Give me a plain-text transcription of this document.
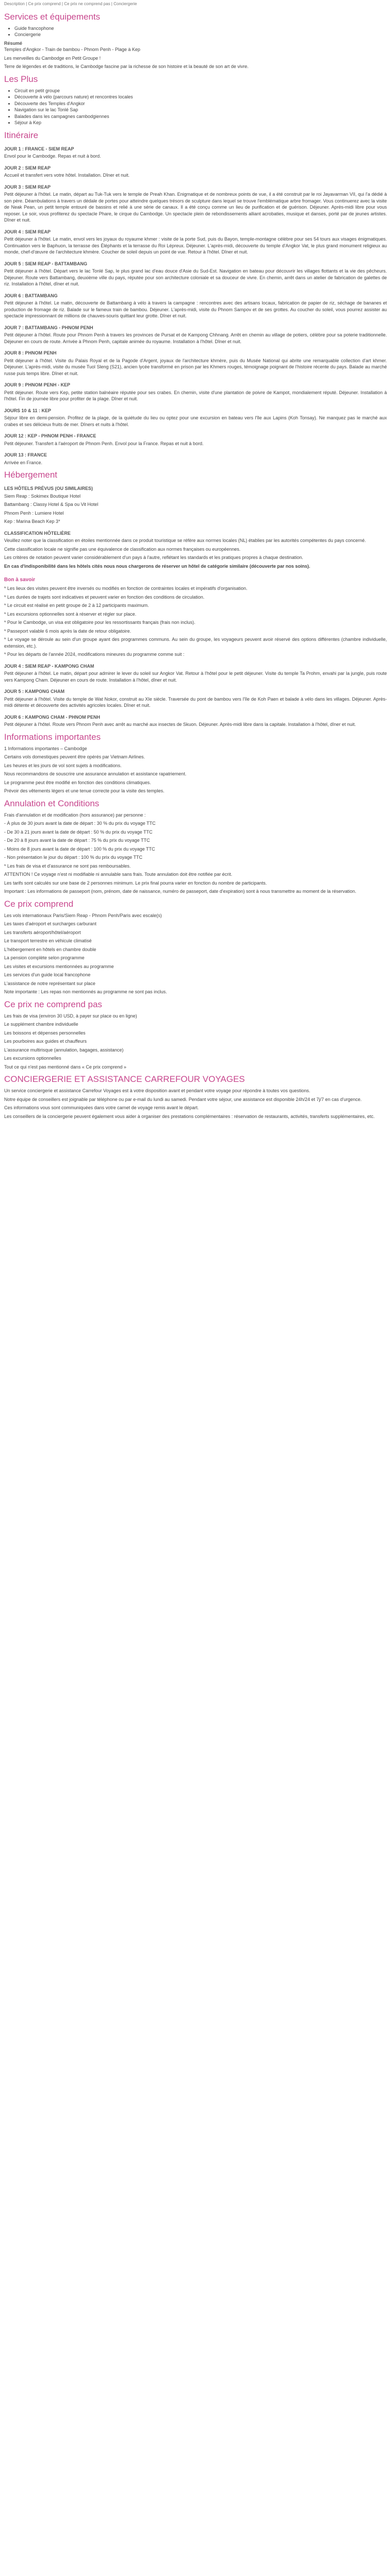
Description | Ce prix comprend | Ce prix ne comprend pas | Conciergerie
Services et équipements
• Guide francophone
• Conciergerie
Résumé

Temples d'Angkor - Train de bambou - Phnom Penh - Plage à Kep

Les merveilles du Cambodge en Petit Groupe !

Terre de légendes et de traditions, le Cambodge fascine par la richesse de son histoire et la beauté de son art de vivre.

Les Plus
• Circuit en petit groupe
• Découverte à vélo (parcours nature) et rencontres locales
• Découverte des Temples d'Angkor
• Navigation sur le lac Tonlé Sap
• Balades dans les campagnes cambodgiennes
• Séjour à Kep
Itinéraire
JOUR 1 : FRANCE - SIEM REAP

Envol pour le Cambodge. Repas et nuit à bord.

JOUR 2 : SIEM REAP

Accueil et transfert vers votre hôtel. Installation. Dîner et nuit.

JOUR 3 : SIEM REAP

Petit déjeuner à l'hôtel. Le matin, départ au Tuk-Tuk vers le temple de Preah Khan. Enigmatique et de nombreux points de vue, il a été construit par le roi Jayavarman VII, qui l'a dédié à son père. Déambulations à travers un dédale de portes pour atteindre quelques trésors de sculpture dans lequel se trouve l'emblématique arbre fromager. Vous continuerez avec la visite de Neak Pean, un petit temple entouré de bassins et relié à une série de canaux. Il a été conçu comme un lieu de purification et de guérison. Déjeuner. Après-midi libre pour vous reposer. Le soir, vous profiterez du spectacle Phare, le cirque du Cambodge. Un spectacle plein de rebondissements alliant acrobaties, musique et danses, porté par de jeunes artistes. Dîner et nuit.

JOUR 4 : SIEM REAP

Petit déjeuner à l'hôtel. Le matin, envol vers les joyaux du royaume khmer : visite de la porte Sud, puis du Bayon, temple-montagne célèbre pour ses 54 tours aux visages énigmatiques. Continuation vers le Baphuon, la terrasse des Éléphants et la terrasse du Roi Lépreux. Déjeuner. L'après-midi, découverte du temple d'Angkor Vat, le plus grand monument religieux au monde, chef-d'œuvre de l'architecture khmère. Coucher de soleil depuis un point de vue. Retour à l'hôtel. Dîner et nuit.

JOUR 5 : SIEM REAP - BATTAMBANG

Petit déjeuner à l'hôtel. Départ vers le lac Tonlé Sap, le plus grand lac d'eau douce d'Asie du Sud-Est. Navigation en bateau pour découvrir les villages flottants et la vie des pêcheurs. Déjeuner. Route vers Battambang, deuxième ville du pays, réputée pour son architecture coloniale et sa douceur de vivre. En chemin, arrêt dans un atelier de fabrication de galettes de riz. Installation à l'hôtel, dîner et nuit.

JOUR 6 : BATTAMBANG

Petit déjeuner à l'hôtel. Le matin, découverte de Battambang à vélo à travers la campagne : rencontres avec des artisans locaux, fabrication de papier de riz, séchage de bananes et production de fromage de riz. Balade sur le fameux train de bambou. Déjeuner. L'après-midi, visite du Phnom Sampov et de ses grottes. Au coucher du soleil, vous pourrez assister au spectacle impressionnant de millions de chauves-souris quittant leur grotte. Dîner et nuit.

JOUR 7 : BATTAMBANG - PHNOM PENH

Petit déjeuner à l'hôtel. Route pour Phnom Penh à travers les provinces de Pursat et de Kampong Chhnang. Arrêt en chemin au village de potiers, célèbre pour sa poterie traditionnelle. Déjeuner en cours de route. Arrivée à Phnom Penh, capitale animée du royaume. Installation à l'hôtel. Dîner et nuit.

JOUR 8 : PHNOM PENH

Petit déjeuner à l'hôtel. Visite du Palais Royal et de la Pagode d'Argent, joyaux de l'architecture khmère, puis du Musée National qui abrite une remarquable collection d'art khmer. Déjeuner. L'après-midi, visite du musée Tuol Sleng (S21), ancien lycée transformé en prison par les Khmers rouges, témoignage poignant de l'histoire récente du pays. Balade au marché russe puis temps libre. Dîner et nuit.

JOUR 9 : PHNOM PENH - KEP

Petit déjeuner. Route vers Kep, petite station balnéaire réputée pour ses crabes. En chemin, visite d'une plantation de poivre de Kampot, mondialement réputé. Déjeuner. Installation à l'hôtel. Fin de journée libre pour profiter de la plage. Dîner et nuit.

JOURS 10 & 11 : KEP

Séjour libre en demi-pension. Profitez de la plage, de la quiétude du lieu ou optez pour une excursion en bateau vers l'île aux Lapins (Koh Tonsay). Ne manquez pas le marché aux crabes et ses délicieux fruits de mer. Dîners et nuits à l'hôtel.

JOUR 12 : KEP - PHNOM PENH - FRANCE

Petit déjeuner. Transfert à l'aéroport de Phnom Penh. Envol pour la France. Repas et nuit à bord.

JOUR 13 : FRANCE

Arrivée en France.

Hébergement
LES HÔTELS PRÉVUS (OU SIMILAIRES)

Siem Reap : Sokimex Boutique Hotel

Battambang : Classy Hotel & Spa ou Vit Hotel

Phnom Penh : Lumiere Hotel

Kep : Marina Beach Kep 3*

CLASSIFICATION HÔTELIÈRE

Veuillez noter que la classification en étoiles mentionnée dans ce produit touristique se réfère aux normes locales (NL) établies par les autorités compétentes du pays concerné.

Cette classification locale ne signifie pas une équivalence de classification aux normes françaises ou européennes.

Les critères de notation peuvent varier considérablement d'un pays à l'autre, reflétant les standards et les pratiques propres à chaque destination.

En cas d'indisponibilité dans les hôtels cités nous nous chargerons de réserver un hôtel de catégorie similaire (découverte par nos soins).

Bon à savoir

* Les lieux des visites peuvent être inversés ou modifiés en fonction de contraintes locales et impératifs d'organisation.

* Les durées de trajets sont indicatives et peuvent varier en fonction des conditions de circulation.

* Le circuit est réalisé en petit groupe de 2 à 12 participants maximum.

* Les excursions optionnelles sont à réserver et régler sur place.

* Pour le Cambodge, un visa est obligatoire pour les ressortissants français (frais non inclus).

* Passeport valable 6 mois après la date de retour obligatoire.

* Le voyage se déroule au sein d'un groupe ayant des programmes communs. Au sein du groupe, les voyageurs peuvent avoir réservé des options différentes (chambre individuelle, extension, etc.).

* Pour les départs de l'année 2024, modifications mineures du programme comme suit :

JOUR 4 : SIEM REAP - KAMPONG CHAM

Petit déjeuner à l'hôtel. Le matin, départ pour admirer le lever du soleil sur Angkor Vat. Retour à l'hôtel pour le petit déjeuner. Visite du temple Ta Prohm, envahi par la jungle, puis route vers Kampong Cham. Déjeuner en cours de route. Installation à l'hôtel, dîner et nuit.

JOUR 5 : KAMPONG CHAM

Petit déjeuner à l'hôtel. Visite du temple de Wat Nokor, construit au XIe siècle. Traversée du pont de bambou vers l'île de Koh Paen et balade à vélo dans les villages. Déjeuner. Après-midi détente et découverte des activités agricoles locales. Dîner et nuit.

JOUR 6 : KAMPONG CHAM - PHNOM PENH

Petit déjeuner à l'hôtel. Route vers Phnom Penh avec arrêt au marché aux insectes de Skuon. Déjeuner. Après-midi libre dans la capitale. Installation à l'hôtel, dîner et nuit.

Informations importantes

1 Informations importantes – Cambodge

Certains vols domestiques peuvent être opérés par Vietnam Airlines.

Les heures et les jours de vol sont sujets à modifications.

Nous recommandons de souscrire une assurance annulation et assistance rapatriement.

Le programme peut être modifié en fonction des conditions climatiques.

Prévoir des vêtements légers et une tenue correcte pour la visite des temples.

Annulation et Conditions

Frais d'annulation et de modification (hors assurance) par personne :

- À plus de 30 jours avant la date de départ : 30 % du prix du voyage TTC

- De 30 à 21 jours avant la date de départ : 50 % du prix du voyage TTC

- De 20 à 8 jours avant la date de départ : 75 % du prix du voyage TTC

- Moins de 8 jours avant la date de départ : 100 % du prix du voyage TTC

- Non présentation le jour du départ : 100 % du prix du voyage TTC

* Les frais de visa et d'assurance ne sont pas remboursables.

ATTENTION ! Ce voyage n'est ni modifiable ni annulable sans frais. Toute annulation doit être notifiée par écrit.

Les tarifs sont calculés sur une base de 2 personnes minimum. Le prix final pourra varier en fonction du nombre de participants.

Important : Les informations de passeport (nom, prénom, date de naissance, numéro de passeport, date d'expiration) sont à nous transmettre au moment de la réservation.

Ce prix comprend

Les vols internationaux Paris/Siem Reap - Phnom Penh/Paris avec escale(s)

Les taxes d'aéroport et surcharges carburant

Les transferts aéroport/hôtel/aéroport

Le transport terrestre en véhicule climatisé

L'hébergement en hôtels en chambre double

La pension complète selon programme

Les visites et excursions mentionnées au programme

Les services d'un guide local francophone

L'assistance de notre représentant sur place

Note importante : Les repas non mentionnés au programme ne sont pas inclus.

Ce prix ne comprend pas

Les frais de visa (environ 30 USD, à payer sur place ou en ligne)

Le supplément chambre individuelle

Les boissons et dépenses personnelles

Les pourboires aux guides et chauffeurs

L'assurance multirisque (annulation, bagages, assistance)

Les excursions optionnelles

Tout ce qui n'est pas mentionné dans « Ce prix comprend »

CONCIERGERIE ET ASSISTANCE CARREFOUR VOYAGES

Un service conciergerie et assistance Carrefour Voyages est à votre disposition avant et pendant votre voyage pour répondre à toutes vos questions.

Notre équipe de conseillers est joignable par téléphone ou par e-mail du lundi au samedi. Pendant votre séjour, une assistance est disponible 24h/24 et 7j/7 en cas d'urgence.

Ces informations vous sont communiquées dans votre carnet de voyage remis avant le départ.

Les conseillers de la conciergerie peuvent également vous aider à organiser des prestations complémentaires : réservation de restaurants, activités, transferts supplémentaires, etc.
